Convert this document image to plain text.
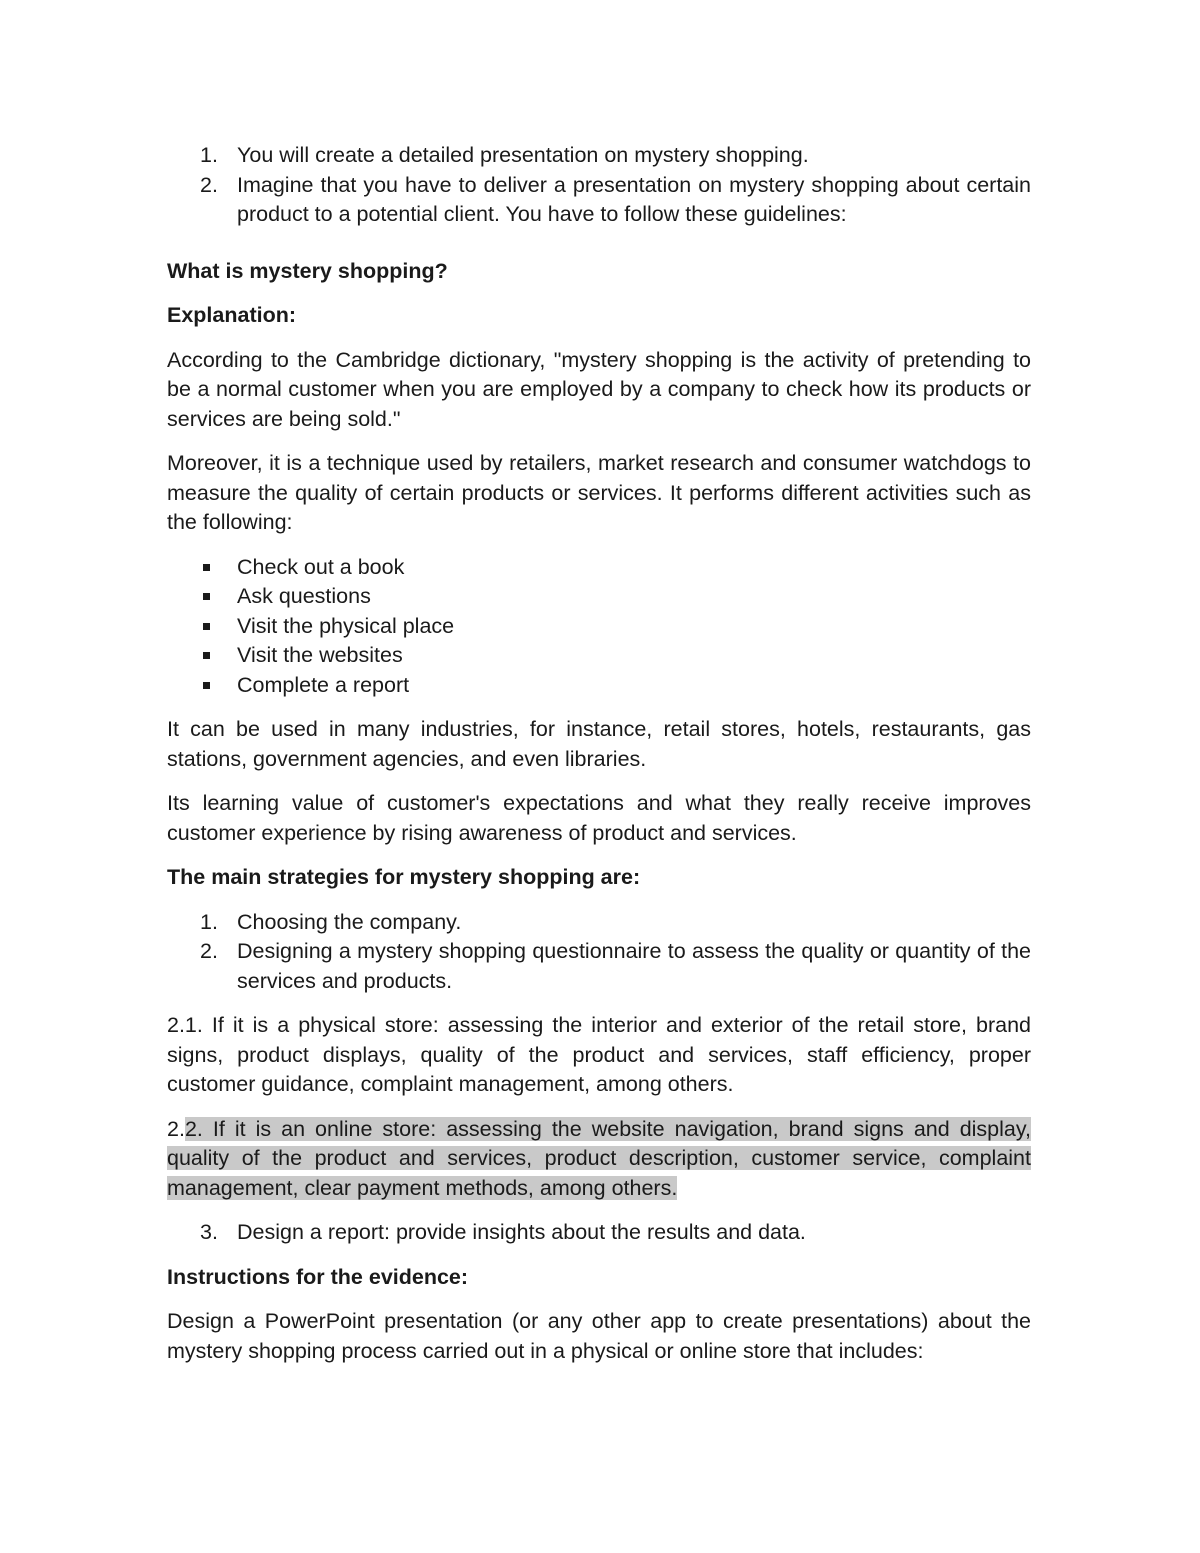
1. You will create a detailed presentation on mystery shopping.
2. Imagine that you have to deliver a presentation on mystery shopping about certain product to a potential client. You have to follow these guidelines:

What is mystery shopping?

Explanation:

According to the Cambridge dictionary, "mystery shopping is the activity of pretending to be a normal customer when you are employed by a company to check how its products or services are being sold."

Moreover, it is a technique used by retailers, market research and consumer watchdogs to measure the quality of certain products or services. It performs different activities such as the following:

Check out a book
Ask questions
Visit the physical place
Visit the websites
Complete a report

It can be used in many industries, for instance, retail stores, hotels, restaurants, gas stations, government agencies, and even libraries.

Its learning value of customer's expectations and what they really receive improves customer experience by rising awareness of product and services.

The main strategies for mystery shopping are:

1. Choosing the company.
2. Designing a mystery shopping questionnaire to assess the quality or quantity of the services and products.

2.1. If it is a physical store: assessing the interior and exterior of the retail store, brand signs, product displays, quality of the product and services, staff efficiency, proper customer guidance, complaint management, among others.

2.2. If it is an online store: assessing the website navigation, brand signs and display, quality of the product and services, product description, customer service, complaint management, clear payment methods, among others.

3. Design a report: provide insights about the results and data.

Instructions for the evidence:

Design a PowerPoint presentation (or any other app to create presentations) about the mystery shopping process carried out in a physical or online store that includes:
